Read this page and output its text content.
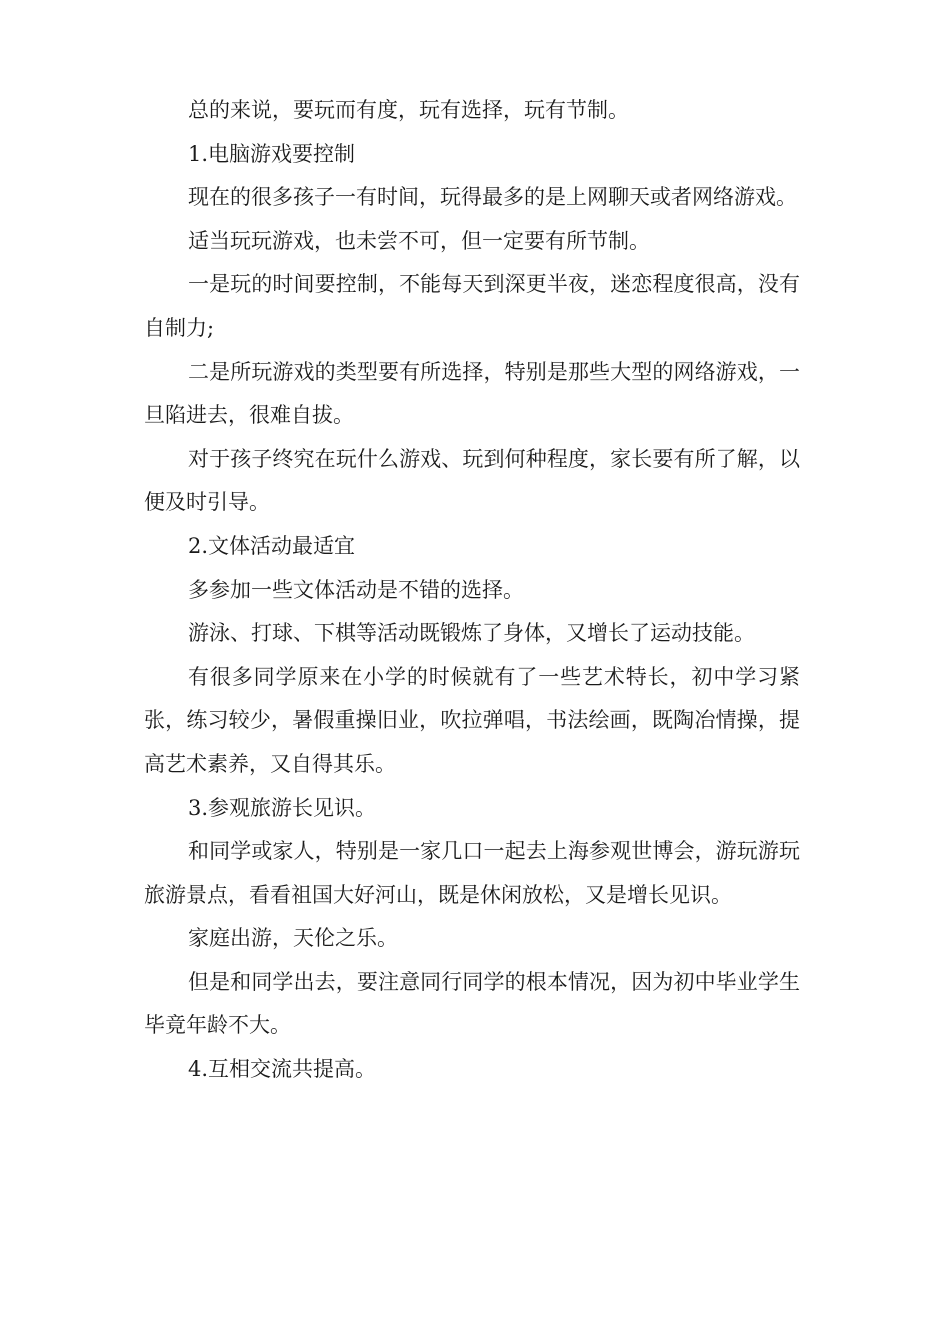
总的来说，要玩而有度，玩有选择，玩有节制。

1.电脑游戏要控制

现在的很多孩子一有时间，玩得最多的是上网聊天或者网络游戏。

适当玩玩游戏，也未尝不可，但一定要有所节制。

一是玩的时间要控制，不能每天到深更半夜，迷恋程度很高，没有自制力;

二是所玩游戏的类型要有所选择，特别是那些大型的网络游戏，一旦陷进去，很难自拔。

对于孩子终究在玩什么游戏、玩到何种程度，家长要有所了解，以便及时引导。

2.文体活动最适宜

多参加一些文体活动是不错的选择。

游泳、打球、下棋等活动既锻炼了身体，又增长了运动技能。

有很多同学原来在小学的时候就有了一些艺术特长，初中学习紧张，练习较少，暑假重操旧业，吹拉弹唱，书法绘画，既陶冶情操，提高艺术素养，又自得其乐。

3.参观旅游长见识。

和同学或家人，特别是一家几口一起去上海参观世博会，游玩游玩旅游景点，看看祖国大好河山，既是休闲放松，又是增长见识。

家庭出游，天伦之乐。

但是和同学出去，要注意同行同学的根本情况，因为初中毕业学生毕竟年龄不大。

4.互相交流共提高。
